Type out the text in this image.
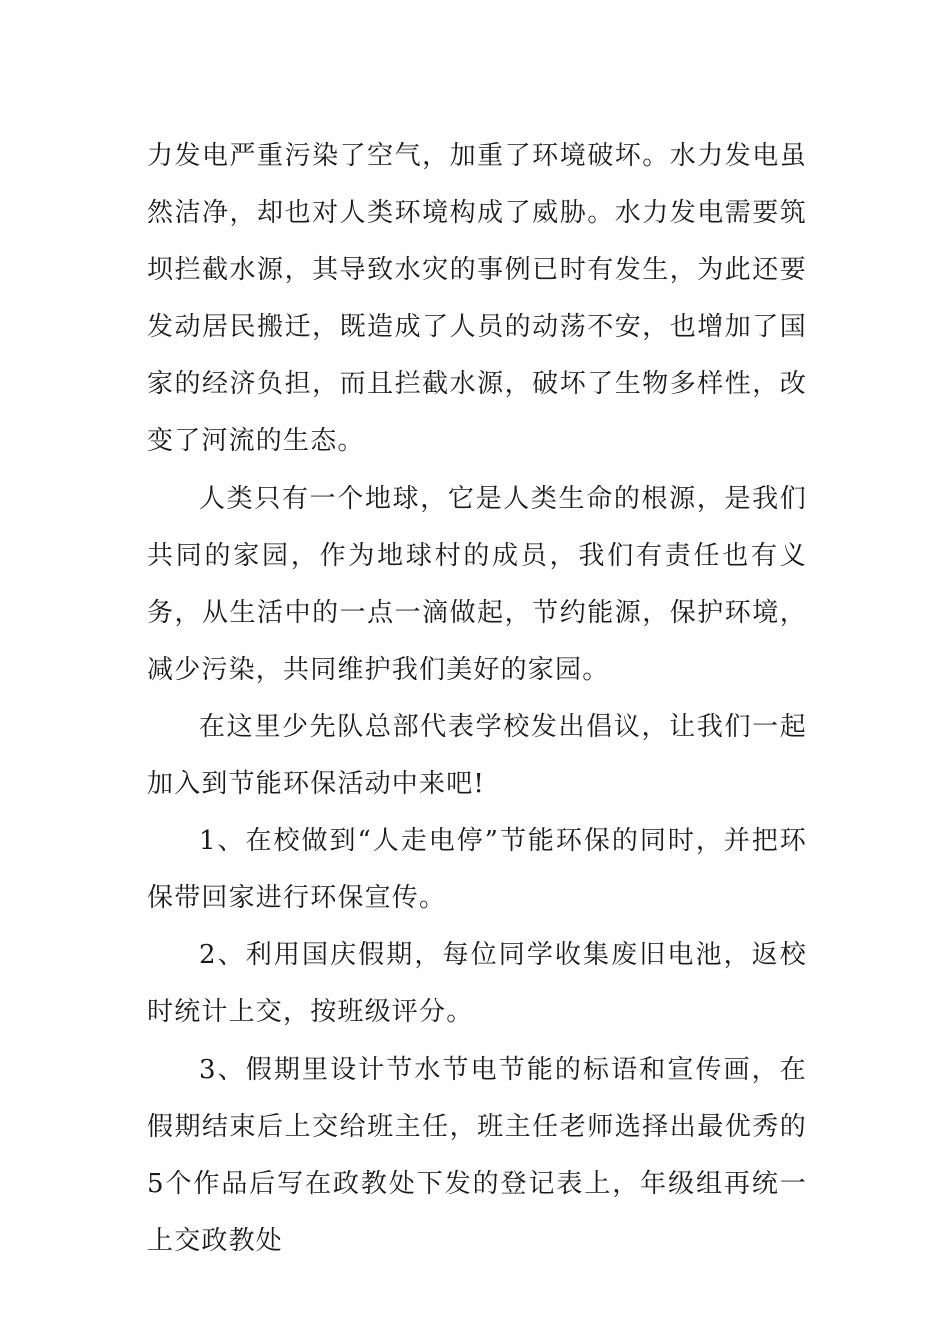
力发电严重污染了空气，加重了环境破坏。水力发电虽然洁净，却也对人类环境构成了威胁。水力发电需要筑坝拦截水源，其导致水灾的事例已时有发生，为此还要发动居民搬迁，既造成了人员的动荡不安，也增加了国家的经济负担，而且拦截水源，破坏了生物多样性，改变了河流的生态。

人类只有一个地球，它是人类生命的根源，是我们共同的家园，作为地球村的成员，我们有责任也有义务，从生活中的一点一滴做起，节约能源，保护环境，减少污染，共同维护我们美好的家园。

在这里少先队总部代表学校发出倡议，让我们一起加入到节能环保活动中来吧!

1、在校做到“人走电停”节能环保的同时，并把环保带回家进行环保宣传。

2、利用国庆假期，每位同学收集废旧电池，返校时统计上交，按班级评分。

3、假期里设计节水节电节能的标语和宣传画，在假期结束后上交给班主任，班主任老师选择出最优秀的5个作品后写在政教处下发的登记表上，年级组再统一上交政教处
